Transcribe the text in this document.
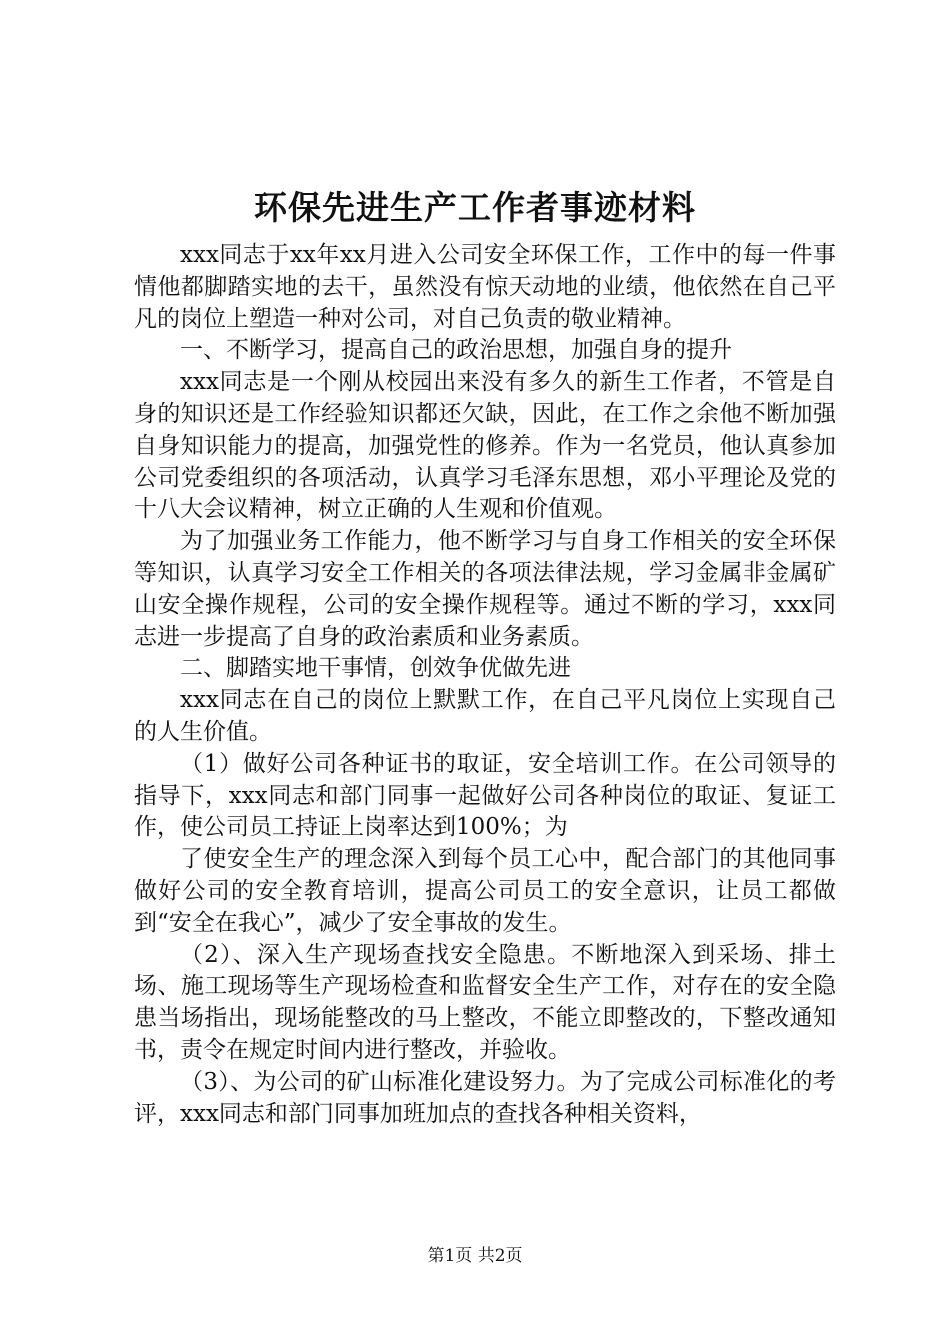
环保先进生产工作者事迹材料

xxx同志于xx年xx月进入公司安全环保工作，工作中的每一件事情他都脚踏实地的去干，虽然没有惊天动地的业绩，他依然在自己平凡的岗位上塑造一种对公司，对自己负责的敬业精神。

一、不断学习，提高自己的政治思想，加强自身的提升

xxx同志是一个刚从校园出来没有多久的新生工作者，不管是自身的知识还是工作经验知识都还欠缺，因此，在工作之余他不断加强自身知识能力的提高，加强党性的修养。作为一名党员，他认真参加公司党委组织的各项活动，认真学习毛泽东思想，邓小平理论及党的十八大会议精神，树立正确的人生观和价值观。

为了加强业务工作能力，他不断学习与自身工作相关的安全环保等知识，认真学习安全工作相关的各项法律法规，学习金属非金属矿山安全操作规程，公司的安全操作规程等。通过不断的学习，xxx同志进一步提高了自身的政治素质和业务素质。

二、脚踏实地干事情，创效争优做先进

xxx同志在自己的岗位上默默工作，在自己平凡岗位上实现自己的人生价值。

（1）做好公司各种证书的取证，安全培训工作。在公司领导的指导下，xxx同志和部门同事一起做好公司各种岗位的取证、复证工作，使公司员工持证上岗率达到100%；为

了使安全生产的理念深入到每个员工心中，配合部门的其他同事做好公司的安全教育培训，提高公司员工的安全意识，让员工都做到“安全在我心”，减少了安全事故的发生。

（2）、深入生产现场查找安全隐患。不断地深入到采场、排土场、施工现场等生产现场检查和监督安全生产工作，对存在的安全隐患当场指出，现场能整改的马上整改，不能立即整改的，下整改通知书，责令在规定时间内进行整改，并验收。

（3）、为公司的矿山标准化建设努力。为了完成公司标准化的考评，xxx同志和部门同事加班加点的查找各种相关资料，

第1页 共2页
